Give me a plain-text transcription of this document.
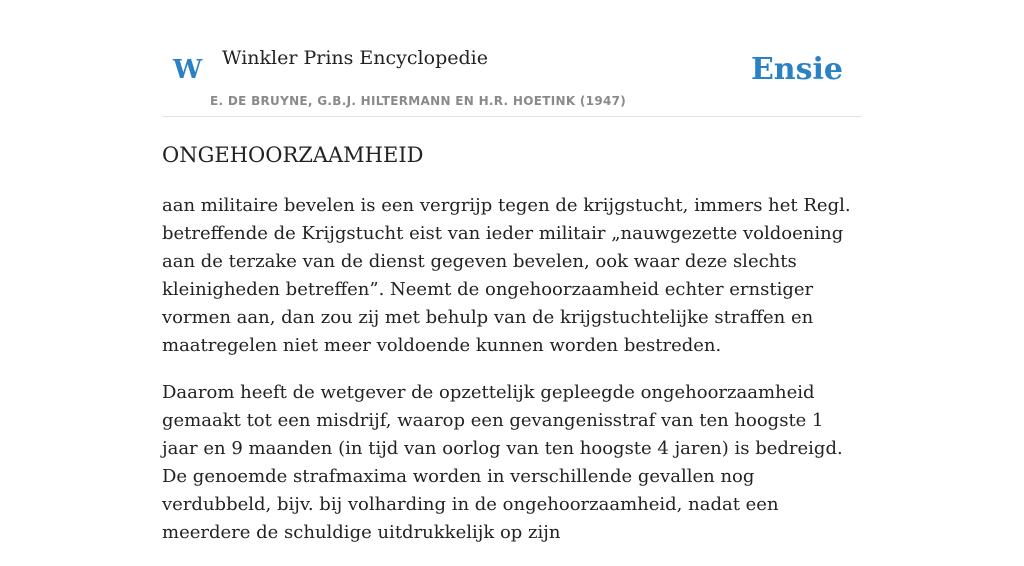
W Winkler Prins Encyclopedie
E. DE BRUYNE, G.B.J. HILTERMANN EN H.R. HOETINK (1947)
Ensie
ONGEHOORZAAMHEID

aan militaire bevelen is een vergrijp tegen de krijgstucht, immers het Regl. betreffende de Krijgstucht eist van ieder militair „nauwgezette voldoening aan de terzake van de dienst gegeven bevelen, ook waar deze slechts kleinigheden betreffen”. Neemt de ongehoorzaamheid echter ernstiger vormen aan, dan zou zij met behulp van de krijgstuchtelijke straffen en maatregelen niet meer voldoende kunnen worden bestreden.

Daarom heeft de wetgever de opzettelijk gepleegde ongehoorzaamheid gemaakt tot een misdrijf, waarop een gevangenisstraf van ten hoogste 1 jaar en 9 maanden (in tijd van oorlog van ten hoogste 4 jaren) is bedreigd. De genoemde strafmaxima worden in verschillende gevallen nog verdubbeld, bijv. bij volharding in de ongehoorzaamheid, nadat een meerdere de schuldige uitdrukkelijk op zijn
